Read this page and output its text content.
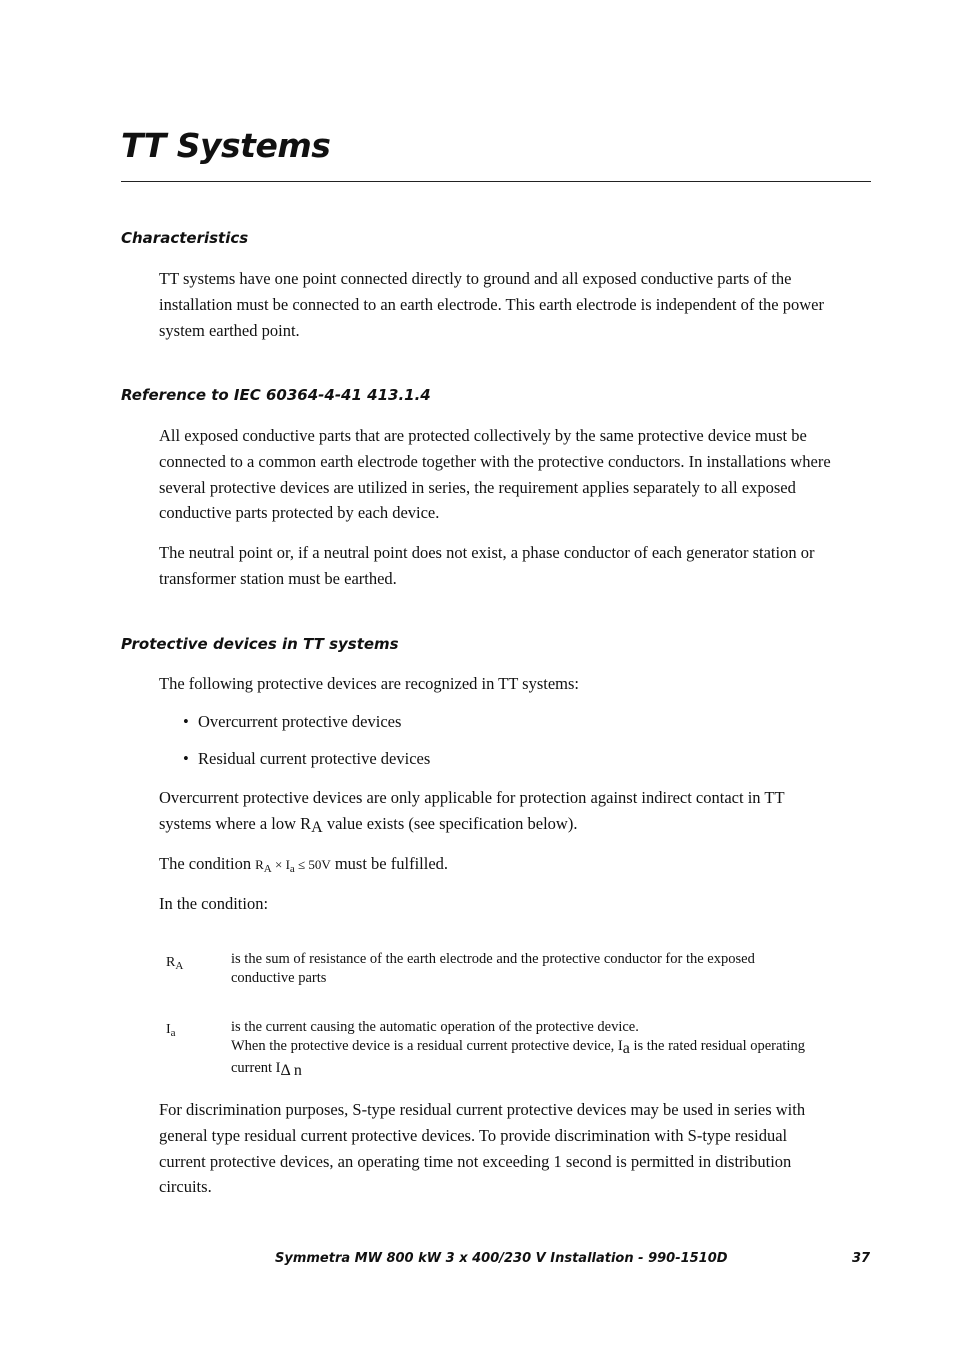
TT Systems
Characteristics
TT systems have one point connected directly to ground and all exposed conductive parts of the
installation must be connected to an earth electrode. This earth electrode is independent of the power
system earthed point.
Reference to IEC 60364-4-41 413.1.4
All exposed conductive parts that are protected collectively by the same protective device must be
connected to a common earth electrode together with the protective conductors. In installations where
several protective devices are utilized in series, the requirement applies separately to all exposed
conductive parts protected by each device.
The neutral point or, if a neutral point does not exist, a phase conductor of each generator station or
transformer station must be earthed.
Protective devices in TT systems
The following protective devices are recognized in TT systems:
• Overcurrent protective devices
• Residual current protective devices
Overcurrent protective devices are only applicable for protection against indirect contact in TT
systems where a low RA value exists (see specification below).
The condition $R_A \times I_a \le 50V$ must be fulfilled.
In the condition:
$R_A$	is the sum of resistance of the earth electrode and the protective conductor for the exposed
conductive parts
$I_a$	is the current causing the automatic operation of the protective device.
When the protective device is a residual current protective device, Ia is the rated residual operating
current IΔ n
For discrimination purposes, S-type residual current protective devices may be used in series with
general type residual current protective devices. To provide discrimination with S-type residual
current protective devices, an operating time not exceeding 1 second is permitted in distribution
circuits.
Symmetra MW 800 kW 3 x 400/230 V Installation - 990-1510D	37
